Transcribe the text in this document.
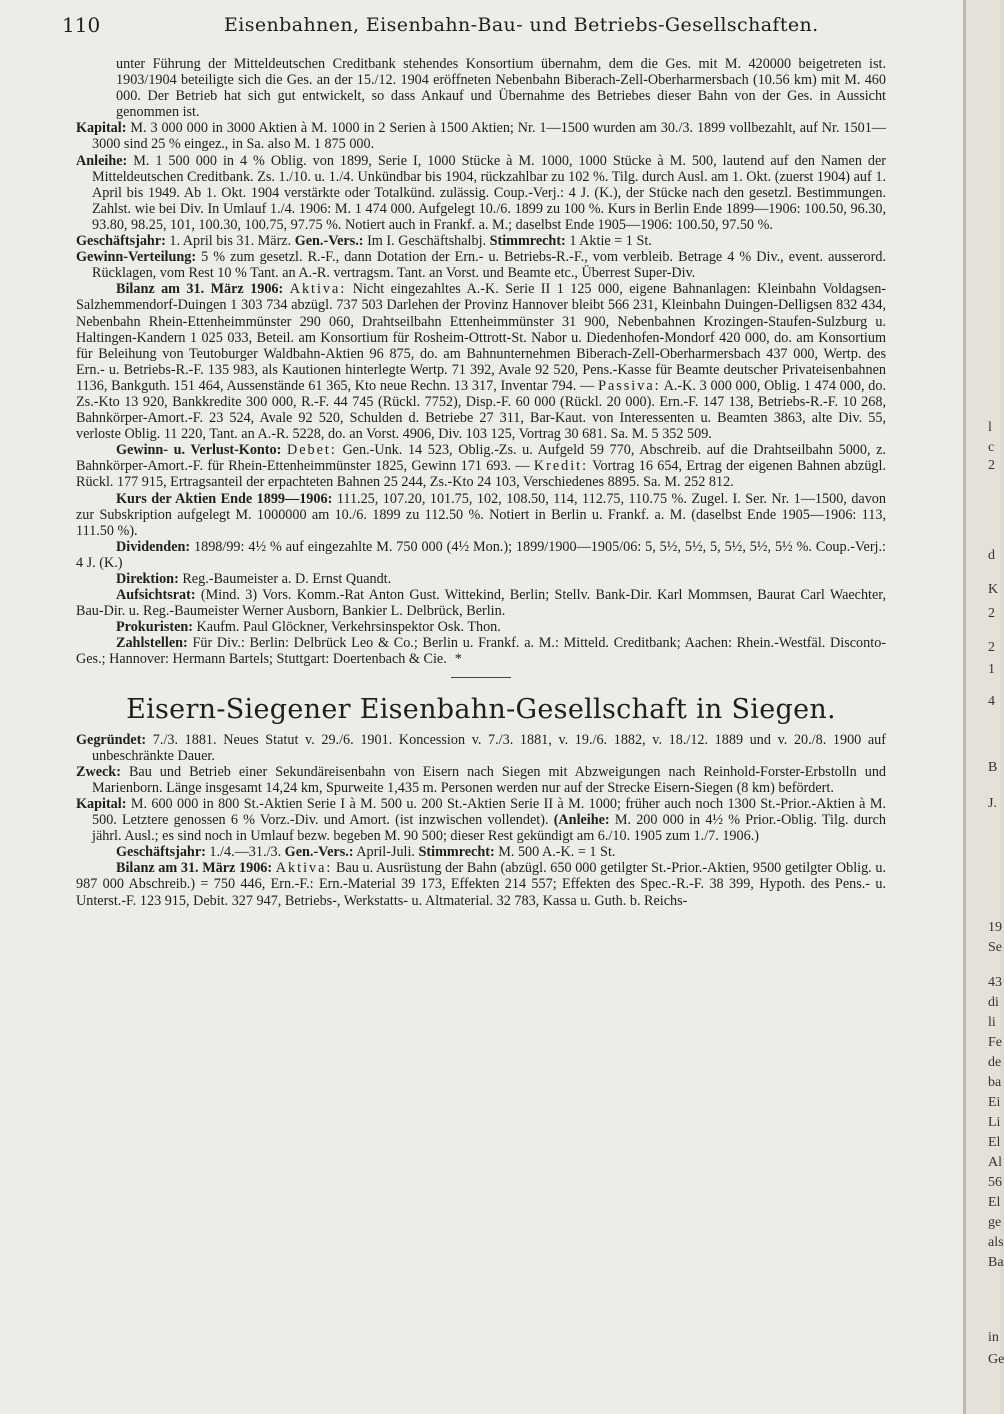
110	Eisenbahnen, Eisenbahn-Bau- und Betriebs-Gesellschaften.

unter Führung der Mitteldeutschen Creditbank stehendes Konsortium übernahm, dem die Ges. mit M. 420000 beigetreten ist. 1903/1904 beteiligte sich die Ges. an der 15./12. 1904 eröffneten Nebenbahn Biberach-Zell-Oberharmersbach (10.56 km) mit M. 460 000. Der Betrieb hat sich gut entwickelt, so dass Ankauf und Übernahme des Betriebes dieser Bahn von der Ges. in Aussicht genommen ist.

Kapital: M. 3 000 000 in 3000 Aktien à M. 1000 in 2 Serien à 1500 Aktien; Nr. 1—1500 wurden am 30./3. 1899 vollbezahlt, auf Nr. 1501—3000 sind 25 % eingez., in Sa. also M. 1 875 000.

Anleihe: M. 1 500 000 in 4 % Oblig. von 1899, Serie I, 1000 Stücke à M. 1000, 1000 Stücke à M. 500, lautend auf den Namen der Mitteldeutschen Creditbank. Zs. 1./10. u. 1./4. Unkündbar bis 1904, rückzahlbar zu 102 %. Tilg. durch Ausl. am 1. Okt. (zuerst 1904) auf 1. April bis 1949. Ab 1. Okt. 1904 verstärkte oder Totalkünd. zulässig. Coup.-Verj.: 4 J. (K.), der Stücke nach den gesetzl. Bestimmungen. Zahlst. wie bei Div. In Umlauf 1./4. 1906: M. 1 474 000. Aufgelegt 10./6. 1899 zu 100 %. Kurs in Berlin Ende 1899—1906: 100.50, 96.30, 93.80, 98.25, 101, 100.30, 100.75, 97.75 %. Notiert auch in Frankf. a. M.; daselbst Ende 1905—1906: 100.50, 97.50 %.

Geschäftsjahr: 1. April bis 31. März. Gen.-Vers.: Im I. Geschäftshalbj. Stimmrecht: 1 Aktie = 1 St.

Gewinn-Verteilung: 5 % zum gesetzl. R.-F., dann Dotation der Ern.- u. Betriebs-R.-F., vom verbleib. Betrage 4 % Div., event. ausserord. Rücklagen, vom Rest 10 % Tant. an A.-R. vertragsm. Tant. an Vorst. und Beamte etc., Überrest Super-Div.

Bilanz am 31. März 1906: Aktiva: Nicht eingezahltes A.-K. Serie II 1 125 000, eigene Bahnanlagen: Kleinbahn Voldagsen-Salzhemmendorf-Duingen 1 303 734 abzügl. 737 503 Darlehen der Provinz Hannover bleibt 566 231, Kleinbahn Duingen-Delligsen 832 434, Nebenbahn Rhein-Ettenheimmünster 290 060, Drahtseilbahn Ettenheimmünster 31 900, Nebenbahnen Krozingen-Staufen-Sulzburg u. Haltingen-Kandern 1 025 033, Beteil. am Konsortium für Rosheim-Ottrott-St. Nabor u. Diedenhofen-Mondorf 420 000, do. am Konsortium für Beleihung von Teutoburger Waldbahn-Aktien 96 875, do. am Bahnunternehmen Biberach-Zell-Oberharmersbach 437 000, Wertp. des Ern.- u. Betriebs-R.-F. 135 983, als Kautionen hinterlegte Wertp. 71 392, Avale 92 520, Pens.-Kasse für Beamte deutscher Privateisenbahnen 1136, Bankguth. 151 464, Aussenstände 61 365, Kto neue Rechn. 13 317, Inventar 794. — Passiva: A.-K. 3 000 000, Oblig. 1 474 000, do. Zs.-Kto 13 920, Bankkredite 300 000, R.-F. 44 745 (Rückl. 7752), Disp.-F. 60 000 (Rückl. 20 000). Ern.-F. 147 138, Betriebs-R.-F. 10 268, Bahnkörper-Amort.-F. 23 524, Avale 92 520, Schulden d. Betriebe 27 311, Bar-Kaut. von Interessenten u. Beamten 3863, alte Div. 55, verloste Oblig. 11 220, Tant. an A.-R. 5228, do. an Vorst. 4906, Div. 103 125, Vortrag 30 681. Sa. M. 5 352 509.

Gewinn- u. Verlust-Konto: Debet: Gen.-Unk. 14 523, Oblig.-Zs. u. Aufgeld 59 770, Abschreib. auf die Drahtseilbahn 5000, z. Bahnkörper-Amort.-F. für Rhein-Ettenheimmünster 1825, Gewinn 171 693. — Kredit: Vortrag 16 654, Ertrag der eigenen Bahnen abzügl. Rückl. 177 915, Ertragsanteil der erpachteten Bahnen 25 244, Zs.-Kto 24 103, Verschiedenes 8895. Sa. M. 252 812.

Kurs der Aktien Ende 1899—1906: 111.25, 107.20, 101.75, 102, 108.50, 114, 112.75, 110.75 %. Zugel. I. Ser. Nr. 1—1500, davon zur Subskription aufgelegt M. 1000000 am 10./6. 1899 zu 112.50 %. Notiert in Berlin u. Frankf. a. M. (daselbst Ende 1905—1906: 113, 111.50 %).

Dividenden: 1898/99: 4½ % auf eingezahlte M. 750 000 (4½ Mon.); 1899/1900—1905/06: 5, 5½, 5½, 5, 5½, 5½, 5½ %. Coup.-Verj.: 4 J. (K.)

Direktion: Reg.-Baumeister a. D. Ernst Quandt.

Aufsichtsrat: (Mind. 3) Vors. Komm.-Rat Anton Gust. Wittekind, Berlin; Stellv. Bank-Dir. Karl Mommsen, Baurat Carl Waechter, Bau-Dir. u. Reg.-Baumeister Werner Ausborn, Bankier L. Delbrück, Berlin.

Prokuristen: Kaufm. Paul Glöckner, Verkehrsinspektor Osk. Thon.

Zahlstellen: Für Div.: Berlin: Delbrück Leo & Co.; Berlin u. Frankf. a. M.: Mitteld. Creditbank; Aachen: Rhein.-Westfäl. Disconto-Ges.; Hannover: Hermann Bartels; Stuttgart: Doertenbach & Cie. *

Eisern-Siegener Eisenbahn-Gesellschaft in Siegen.

Gegründet: 7./3. 1881. Neues Statut v. 29./6. 1901. Koncession v. 7./3. 1881, v. 19./6. 1882, v. 18./12. 1889 und v. 20./8. 1900 auf unbeschränkte Dauer.

Zweck: Bau und Betrieb einer Sekundäreisenbahn von Eisern nach Siegen mit Abzweigungen nach Reinhold-Forster-Erbstolln und Marienborn. Länge insgesamt 14,24 km, Spurweite 1,435 m. Personen werden nur auf der Strecke Eisern-Siegen (8 km) befördert.

Kapital: M. 600 000 in 800 St.-Aktien Serie I à M. 500 u. 200 St.-Aktien Serie II à M. 1000; früher auch noch 1300 St.-Prior.-Aktien à M. 500. Letztere genossen 6 % Vorz.-Div. und Amort. (ist inzwischen vollendet). (Anleihe: M. 200 000 in 4½ % Prior.-Oblig. Tilg. durch jährl. Ausl.; es sind noch in Umlauf bezw. begeben M. 90 500; dieser Rest gekündigt am 6./10. 1905 zum 1./7. 1906.)

Geschäftsjahr: 1./4.—31./3. Gen.-Vers.: April-Juli. Stimmrecht: M. 500 A.-K. = 1 St.

Bilanz am 31. März 1906: Aktiva: Bau u. Ausrüstung der Bahn (abzügl. 650 000 getilgter St.-Prior.-Aktien, 9500 getilgter Oblig. u. 987 000 Abschreib.) = 750 446, Ern.-F.: Ern.-Material 39 173, Effekten 214 557; Effekten des Spec.-R.-F. 38 399, Hypoth. des Pens.- u. Unterst.-F. 123 915, Debit. 327 947, Betriebs-, Werkstatts- u. Altmaterial. 32 783, Kassa u. Guth. b. Reichs-

l
c
2
d
K
2
2
1
4
B
J.
19
Se
43
di
li
Fe
de
ba
Ei
Li
El
Al
56
El
ge
als
Ba
in
Ge
